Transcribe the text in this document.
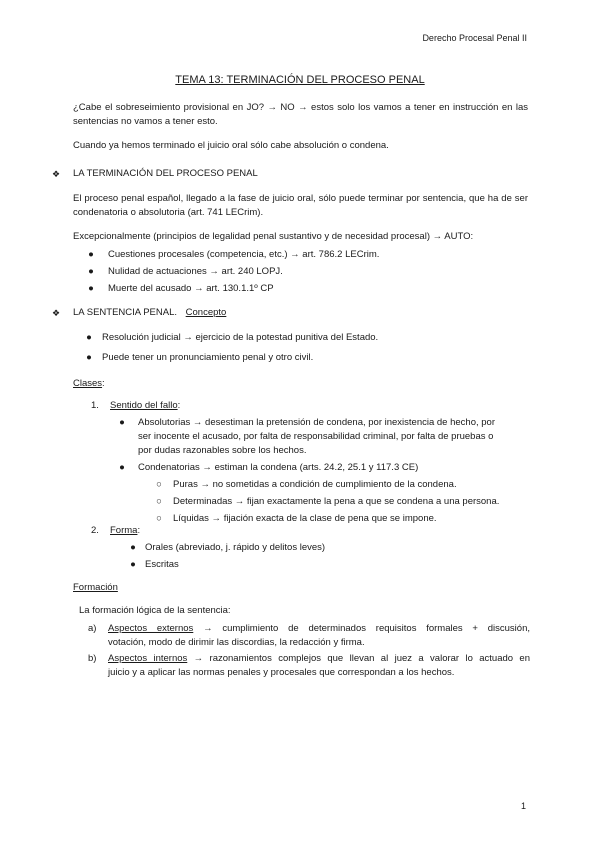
Derecho Procesal Penal II
TEMA 13: TERMINACIÓN DEL PROCESO PENAL
¿Cabe el sobreseimiento provisional en JO? → NO → estos solo los vamos a tener en instrucción en las sentencias no vamos a tener esto.
Cuando ya hemos terminado el juicio oral sólo cabe absolución o condena.
❖ LA TERMINACIÓN DEL PROCESO PENAL
El proceso penal español, llegado a la fase de juicio oral, sólo puede terminar por sentencia, que ha de ser condenatoria o absolutoria (art. 741 LECrim).
Excepcionalmente (principios de legalidad penal sustantivo y de necesidad procesal) → AUTO:
● Cuestiones procesales (competencia, etc.) → art. 786.2 LECrim.
● Nulidad de actuaciones → art. 240 LOPJ.
● Muerte del acusado → art. 130.1.1º CP
❖ LA SENTENCIA PENAL. Concepto
● Resolución judicial → ejercicio de la potestad punitiva del Estado.
● Puede tener un pronunciamiento penal y otro civil.
Clases:
1. Sentido del fallo:
● Absolutorias → desestiman la pretensión de condena, por inexistencia de hecho, por
ser inocente el acusado, por falta de responsabilidad criminal, por falta de pruebas o
por dudas razonables sobre los hechos.
● Condenatorias → estiman la condena (arts. 24.2, 25.1 y 117.3 CE)
○ Puras → no sometidas a condición de cumplimiento de la condena.
○ Determinadas → fijan exactamente la pena a que se condena a una persona.
○ Líquidas → fijación exacta de la clase de pena que se impone.
2. Forma:
● Orales (abreviado, j. rápido y delitos leves)
● Escritas
Formación
La formación lógica de la sentencia:
a) Aspectos externos → cumplimiento de determinados requisitos formales + discusión,
votación, modo de dirimir las discordias, la redacción y firma.
b) Aspectos internos → razonamientos complejos que llevan al juez a valorar lo actuado en
juicio y a aplicar las normas penales y procesales que correspondan a los hechos.
1
